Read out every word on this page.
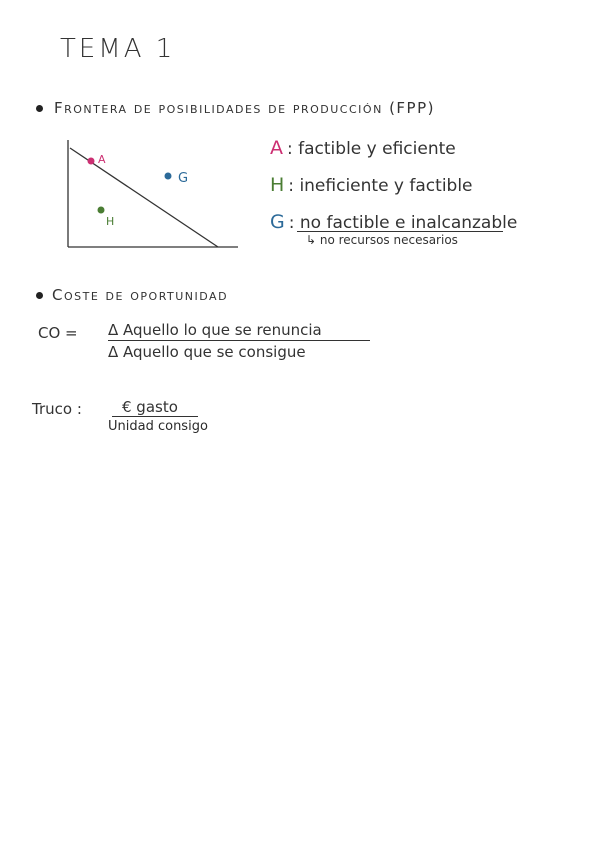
TEMA 1
Frontera de posibilidades de producción (FPP)
A
G
H
A : factible y eficiente
H : ineficiente y factible
G : no factible e inalcanzable
↳ no recursos necesarios
Coste de oportunidad
CO = Δ Aquello lo que se renuncia
Δ Aquello que se consigue
Truco :	€ gasto
Unidad consigo
